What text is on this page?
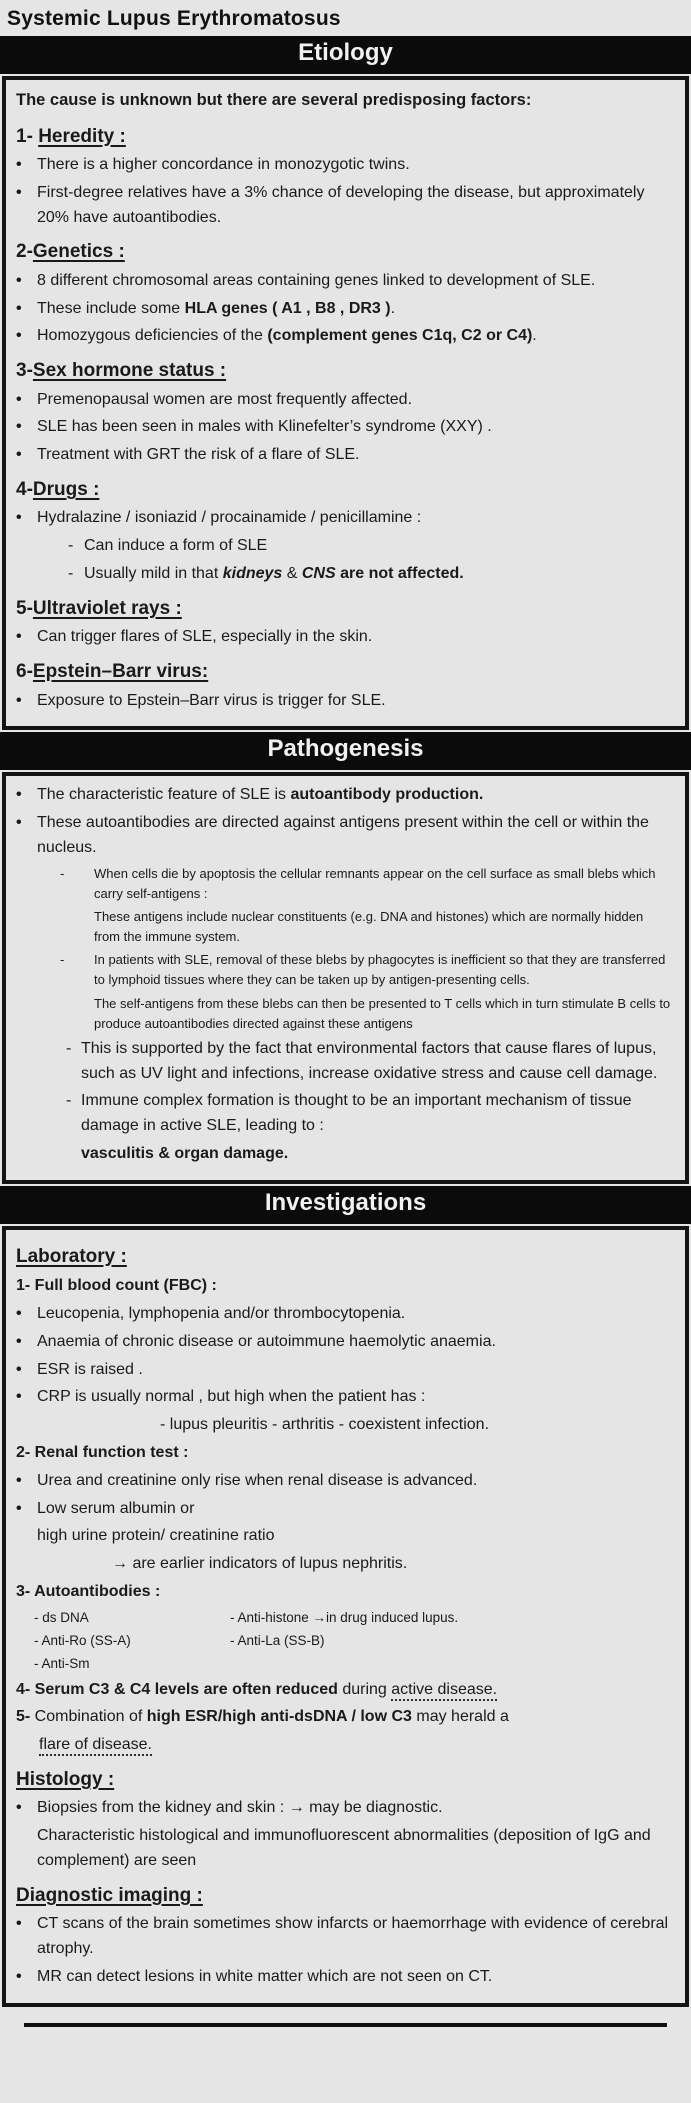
Systemic Lupus Erythromatosus
Etiology
The cause is unknown but there are several predisposing factors:
1- Heredity :
• There is a higher concordance in monozygotic twins.
• First-degree relatives have a 3% chance of developing the disease, but approximately 20% have autoantibodies.
2-Genetics :
• 8 different chromosomal areas containing genes linked to development of SLE.
• These include some HLA genes ( A1 , B8 , DR3 ).
• Homozygous deficiencies of the (complement genes C1q, C2 or C4).
3-Sex hormone status :
• Premenopausal women are most frequently affected.
• SLE has been seen in males with Klinefelter’s syndrome (XXY) .
• Treatment with GRT the risk of a flare of SLE.
4-Drugs :
• Hydralazine / isoniazid / procainamide / penicillamine :
- Can induce a form of SLE
- Usually mild in that kidneys & CNS are not affected.
5-Ultraviolet rays :
• Can trigger flares of SLE, especially in the skin.
6-Epstein–Barr virus:
• Exposure to Epstein–Barr virus is trigger for SLE.
Pathogenesis
• The characteristic feature of SLE is autoantibody production.
• These autoantibodies are directed against antigens present within the cell or within the nucleus.
-	When cells die by apoptosis the cellular remnants appear on the cell surface as small blebs which carry self-antigens :
These antigens include nuclear constituents (e.g. DNA and histones) which are normally hidden from the immune system.
-	In patients with SLE, removal of these blebs by phagocytes is inefficient so that they are transferred to lymphoid tissues where they can be taken up by antigen-presenting cells.
The self-antigens from these blebs can then be presented to T cells which in turn stimulate B cells to produce autoantibodies directed against these antigens
- This is supported by the fact that environmental factors that cause flares of lupus, such as UV light and infections, increase oxidative stress and cause cell damage.
- Immune complex formation is thought to be an important mechanism of tissue damage in active SLE, leading to :
vasculitis & organ damage.
Investigations
Laboratory :
1- Full blood count (FBC) :
• Leucopenia, lymphopenia and/or thrombocytopenia.
• Anaemia of chronic disease or autoimmune haemolytic anaemia.
• ESR is raised .
• CRP is usually normal , but high when the patient has :
- lupus pleuritis - arthritis - coexistent infection.
2- Renal function test :
• Urea and creatinine only rise when renal disease is advanced.
• Low serum albumin or
high urine protein/ creatinine ratio
→ are earlier indicators of lupus nephritis.
3- Autoantibodies :
- ds DNA	- Anti-histone →in drug induced lupus.
- Anti-Ro (SS-A)	- Anti-La (SS-B)
- Anti-Sm
4- Serum C3 & C4 levels are often reduced during active disease.
5- Combination of high ESR/high anti-dsDNA / low C3 may herald a
flare of disease.
Histology :
• Biopsies from the kidney and skin : → may be diagnostic.
Characteristic histological and immunofluorescent abnormalities (deposition of IgG and complement) are seen
Diagnostic imaging :
• CT scans of the brain sometimes show infarcts or haemorrhage with evidence of cerebral atrophy.
• MR can detect lesions in white matter which are not seen on CT.
